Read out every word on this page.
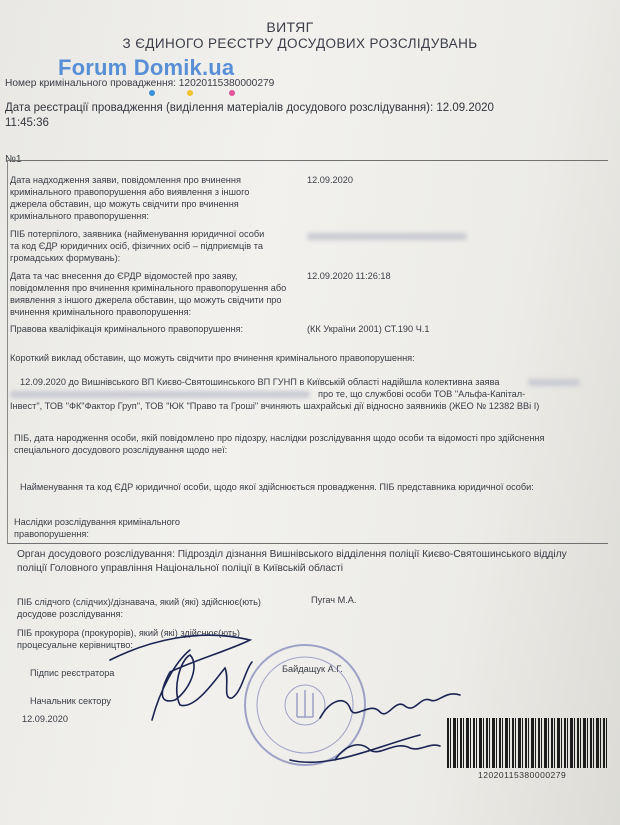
ВИТЯГ
З ЄДИНОГО РЕЄСТРУ ДОСУДОВИХ РОЗСЛІДУВАНЬ
Forum Domik.ua
Номер кримінального провадження: 12020115380000279
Дата реєстрації провадження (виділення матеріалів досудового розслідування): 12.09.2020
11:45:36
№1
Дата надходження заяви, повідомлення про вчинення
кримінального правопорушення або виявлення з іншого
джерела обставин, що можуть свідчити про вчинення
кримінального правопорушення:
12.09.2020
ПІБ потерпілого, заявника (найменування юридичної особи
та код ЄДР юридичних осіб, фізичних осіб – підприємців та
громадських формувань):
Дата та час внесення до ЄРДР відомостей про заяву,
повідомлення про вчинення кримінального правопорушення або
виявлення з іншого джерела обставин, що можуть свідчити про
вчинення кримінального правопорушення:
12.09.2020 11:26:18
Правова кваліфікація кримінального правопорушення:	(КК України 2001) СТ.190 Ч.1
Короткий виклад обставин, що можуть свідчити про вчинення кримінального правопорушення:
12.09.2020 до Вишнівського ВП Києво-Святошинського ВП ГУНП в Київській області надійшла колективна заява
про те, що службові особи ТОВ "Альфа-Капітал-
Інвест", ТОВ "ФК"Фактор Груп", ТОВ "ЮК "Право та Гроші" вчиняють шахрайські дії відносно заявників (ЖЕО № 12382 ВВі I)
ПІБ, дата народження особи, якій повідомлено про підозру, наслідки розслідування щодо особи та відомості про здійснення
спеціального досудового розслідування щодо неї:
Найменування та код ЄДР юридичної особи, щодо якої здійснюється провадження. ПІБ представника юридичної особи:
Наслідки розслідування кримінального
правопорушення:
Орган досудового розслідування: Підрозділ дізнання Вишнівського відділення поліції Києво-Святошинського відділу
поліції Головного управління Національної поліції в Київській області
ПІБ слідчого (слідчих)/дізнавача, який (які) здійснює(ють)
досудове розслідування:
Пугач М.А.
ПІБ прокурора (прокурорів), який (які) здійснює(ють)
процесуальне керівництво:
Підпис реєстратора	Байдащук А.Г.
Начальник сектору
12.09.2020
12020115380000279
